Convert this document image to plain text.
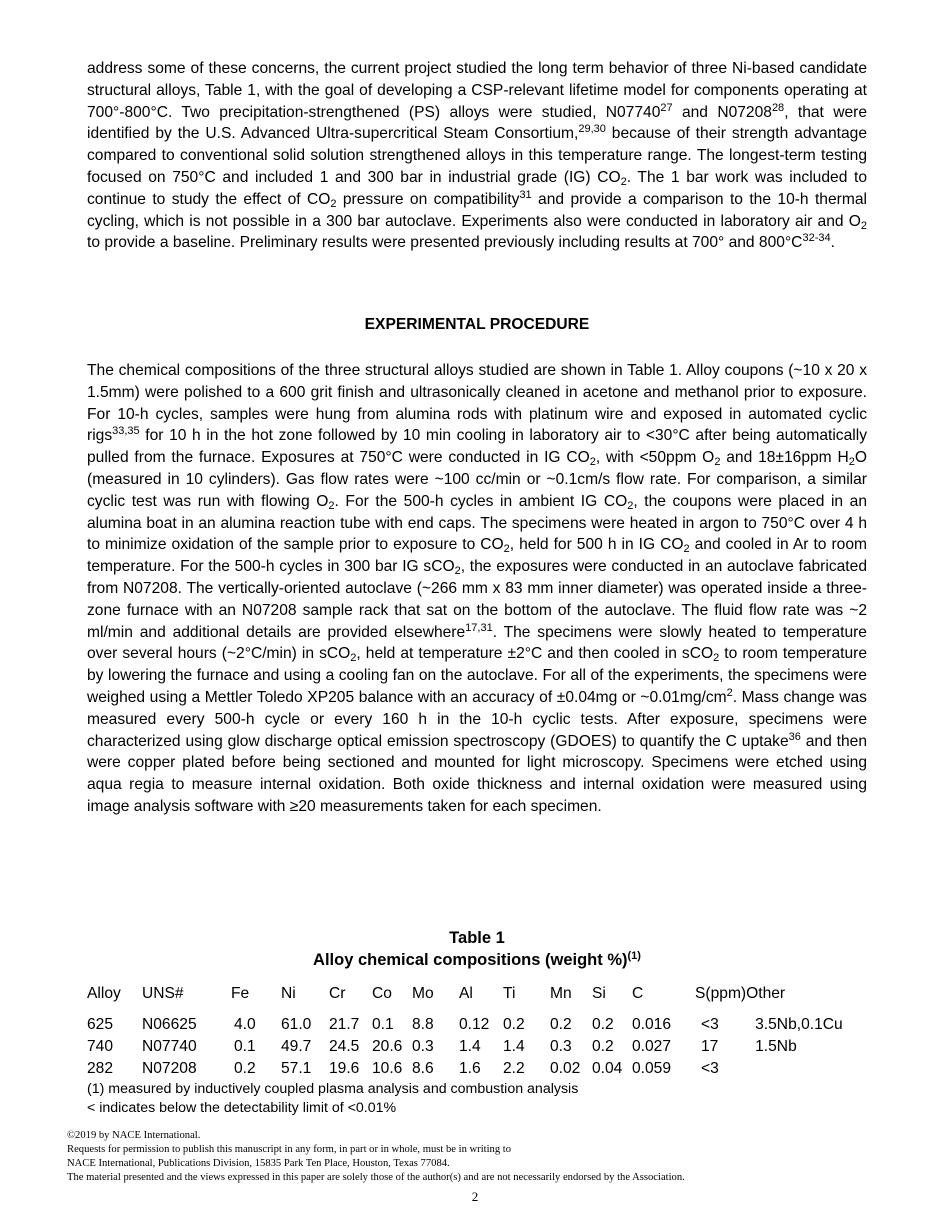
address some of these concerns, the current project studied the long term behavior of three Ni-based candidate structural alloys, Table 1, with the goal of developing a CSP-relevant lifetime model for components operating at 700°-800°C. Two precipitation-strengthened (PS) alloys were studied, N07740$^{27}$ and N07208$^{28}$, that were identified by the U.S. Advanced Ultra-supercritical Steam Consortium,$^{29,30}$ because of their strength advantage compared to conventional solid solution strengthened alloys in this temperature range. The longest-term testing focused on 750°C and included 1 and 300 bar in industrial grade (IG) $CO_2$. The 1 bar work was included to continue to study the effect of $CO_2$ pressure on compatibility$^{31}$ and provide a comparison to the 10-h thermal cycling, which is not possible in a 300 bar autoclave. Experiments also were conducted in laboratory air and $O_2$ to provide a baseline. Preliminary results were presented previously including results at 700° and $800^\circ C^{32-34}$.

EXPERIMENTAL PROCEDURE

The chemical compositions of the three structural alloys studied are shown in Table 1. Alloy coupons (~10 x 20 x 1.5mm) were polished to a 600 grit finish and ultrasonically cleaned in acetone and methanol prior to exposure. For 10-h cycles, samples were hung from alumina rods with platinum wire and exposed in automated cyclic rigs$^{33,35}$ for 10 h in the hot zone followed by 10 min cooling in laboratory air to <30°C after being automatically pulled from the furnace. Exposures at 750°C were conducted in IG $CO_2$, with <50ppm $O_2$ and 18±16ppm $H_2O$ (measured in 10 cylinders). Gas flow rates were ~100 cc/min or ~0.1cm/s flow rate. For comparison, a similar cyclic test was run with flowing $O_2$. For the 500-h cycles in ambient IG $CO_2$, the coupons were placed in an alumina boat in an alumina reaction tube with end caps. The specimens were heated in argon to 750°C over 4 h to minimize oxidation of the sample prior to exposure to $CO_2$, held for 500 h in IG $CO_2$ and cooled in Ar to room temperature. For the 500-h cycles in 300 bar IG sCO$_2$, the exposures were conducted in an autoclave fabricated from N07208. The vertically-oriented autoclave (~266 mm x 83 mm inner diameter) was operated inside a three-zone furnace with an N07208 sample rack that sat on the bottom of the autoclave. The fluid flow rate was ~2 ml/min and additional details are provided elsewhere$^{17,31}$. The specimens were slowly heated to temperature over several hours (~2°C/min) in sCO$_2$, held at temperature ±2°C and then cooled in sCO$_2$ to room temperature by lowering the furnace and using a cooling fan on the autoclave. For all of the experiments, the specimens were weighed using a Mettler Toledo XP205 balance with an accuracy of ±0.04mg or $\sim 0.01mg/cm^2$. Mass change was measured every 500-h cycle or every 160 h in the 10-h cyclic tests. After exposure, specimens were characterized using glow discharge optical emission spectroscopy (GDOES) to quantify the C uptake$^{36}$ and then were copper plated before being sectioned and mounted for light microscopy. Specimens were etched using aqua regia to measure internal oxidation. Both oxide thickness and internal oxidation were measured using image analysis software with ≥20 measurements taken for each specimen.

Table 1
Alloy chemical compositions (weight %)$^{(1)}$
Alloy	UNS#	Fe	Ni	Cr	Co	Mo	Al	Ti	Mn	Si	C	S(ppm)	Other
625	N06625	4.0	61.0	21.7	0.1	8.8	0.12	0.2	0.2	0.2	0.016	<3	3.5Nb,0.1Cu
740	N07740	0.1	49.7	24.5	20.6	0.3	1.4	1.4	0.3	0.2	0.027	17	1.5Nb
282	N07208	0.2	57.1	19.6	10.6	8.6	1.6	2.2	0.02	0.04	0.059	<3	
(1) measured by inductively coupled plasma analysis and combustion analysis
< indicates below the detectability limit of <0.01%
©2019 by NACE International.
Requests for permission to publish this manuscript in any form, in part or in whole, must be in writing to
NACE International, Publications Division, 15835 Park Ten Place, Houston, Texas 77084.
The material presented and the views expressed in this paper are solely those of the author(s) and are not necessarily endorsed by the Association.
2
